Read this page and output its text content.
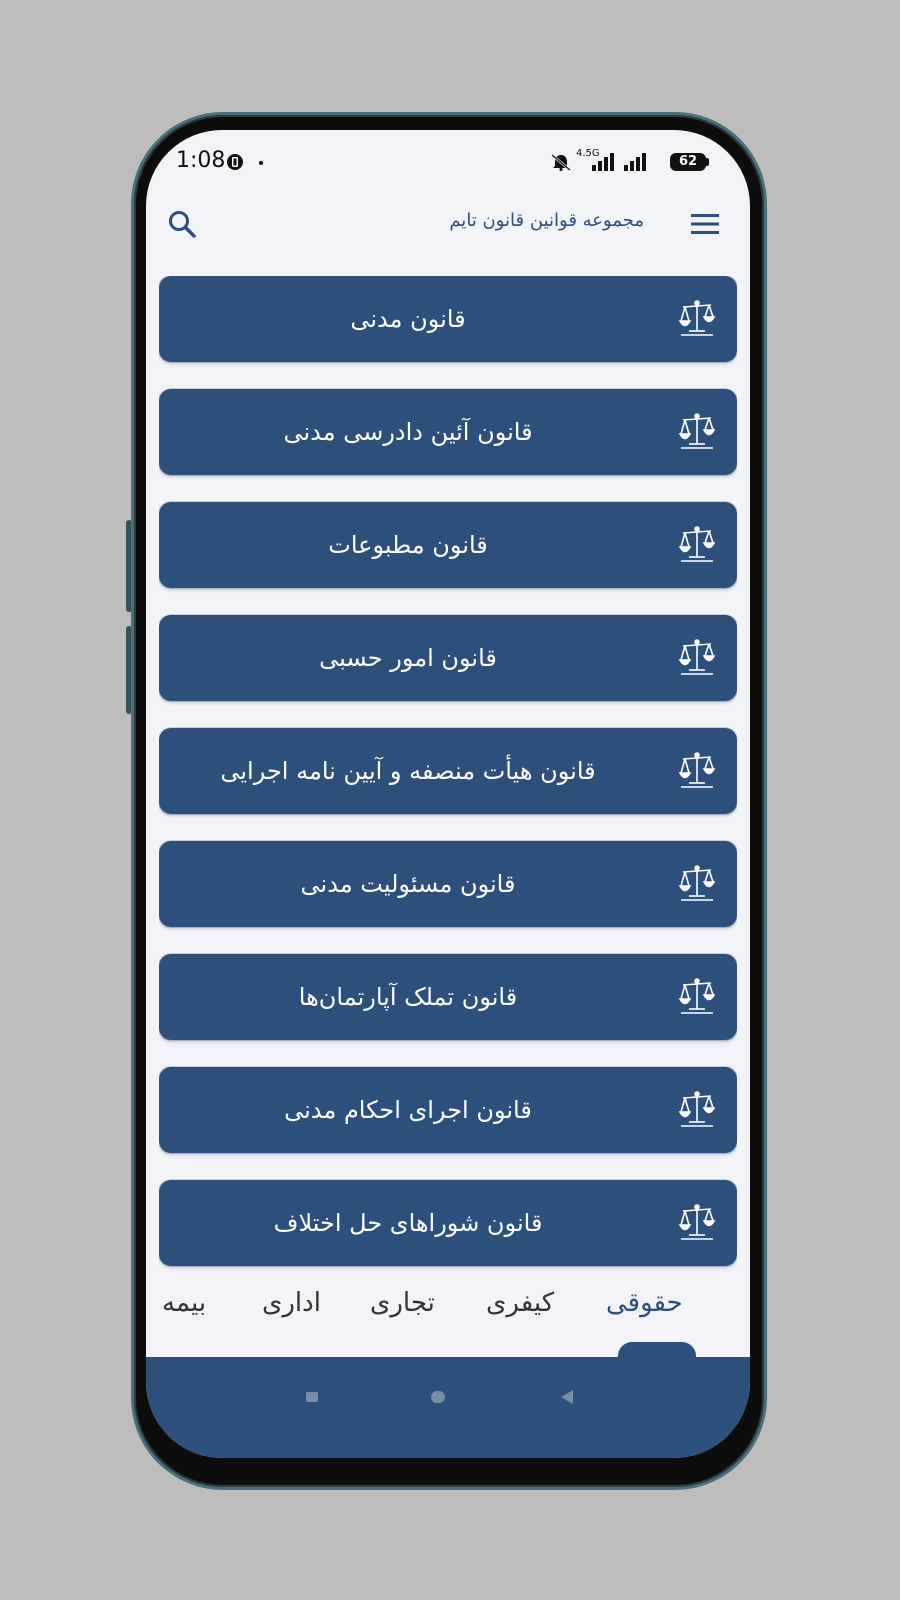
1:08	4.5G
62
مجموعه قوانین قانون تایم
قانون مدنی
قانون آئین دادرسی مدنی
قانون مطبوعات
قانون امور حسبی
قانون هیأت منصفه و آیین نامه اجرایی
قانون مسئولیت مدنی
قانون تملک آپارتمان‌ها
قانون اجرای احکام مدنی
قانون شوراهای حل اختلاف
حقوقی
کیفری
تجاری
اداری
بیمه
